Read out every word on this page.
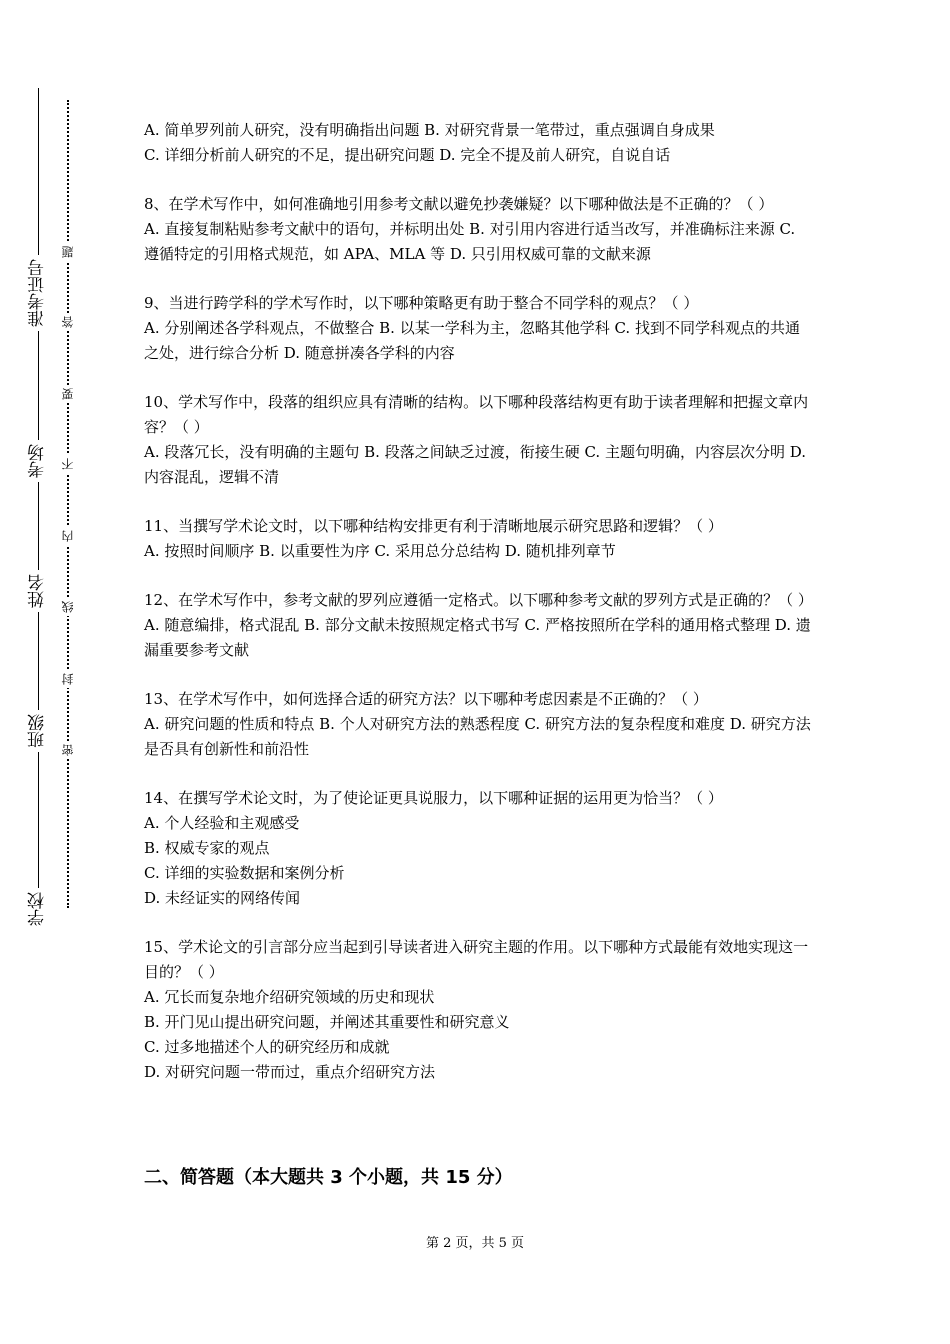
准考证号
考场
姓名
班级
学校
题
答
要
不
内
线
封
密

A. 简单罗列前人研究，没有明确指出问题 B. 对研究背景一笔带过，重点强调自身成果

C. 详细分析前人研究的不足，提出研究问题 D. 完全不提及前人研究，自说自话

8、在学术写作中，如何准确地引用参考文献以避免抄袭嫌疑？以下哪种做法是不正确的？（ ）

A. 直接复制粘贴参考文献中的语句，并标明出处 B. 对引用内容进行适当改写，并准确标注来源 C. 遵循特定的引用格式规范，如 APA、MLA 等 D. 只引用权威可靠的文献来源

9、当进行跨学科的学术写作时，以下哪种策略更有助于整合不同学科的观点？（ ）

A. 分别阐述各学科观点，不做整合 B. 以某一学科为主，忽略其他学科 C. 找到不同学科观点的共通之处，进行综合分析 D. 随意拼凑各学科的内容

10、学术写作中，段落的组织应具有清晰的结构。以下哪种段落结构更有助于读者理解和把握文章内容？（ ）

A. 段落冗长，没有明确的主题句 B. 段落之间缺乏过渡，衔接生硬 C. 主题句明确，内容层次分明 D. 内容混乱，逻辑不清

11、当撰写学术论文时，以下哪种结构安排更有利于清晰地展示研究思路和逻辑？（ ）

A. 按照时间顺序 B. 以重要性为序 C. 采用总分总结构 D. 随机排列章节

12、在学术写作中，参考文献的罗列应遵循一定格式。以下哪种参考文献的罗列方式是正确的？（ ）

A. 随意编排，格式混乱 B. 部分文献未按照规定格式书写 C. 严格按照所在学科的通用格式整理 D. 遗漏重要参考文献

13、在学术写作中，如何选择合适的研究方法？以下哪种考虑因素是不正确的？（ ）

A. 研究问题的性质和特点 B. 个人对研究方法的熟悉程度 C. 研究方法的复杂程度和难度 D. 研究方法是否具有创新性和前沿性

14、在撰写学术论文时，为了使论证更具说服力，以下哪种证据的运用更为恰当？（ ）

A. 个人经验和主观感受

B. 权威专家的观点

C. 详细的实验数据和案例分析

D. 未经证实的网络传闻

15、学术论文的引言部分应当起到引导读者进入研究主题的作用。以下哪种方式最能有效地实现这一目的？（ ）

A. 冗长而复杂地介绍研究领域的历史和现状

B. 开门见山提出研究问题，并阐述其重要性和研究意义

C. 过多地描述个人的研究经历和成就

D. 对研究问题一带而过，重点介绍研究方法

二、简答题（本大题共 3 个小题，共 15 分）
第 2 页，共 5 页
